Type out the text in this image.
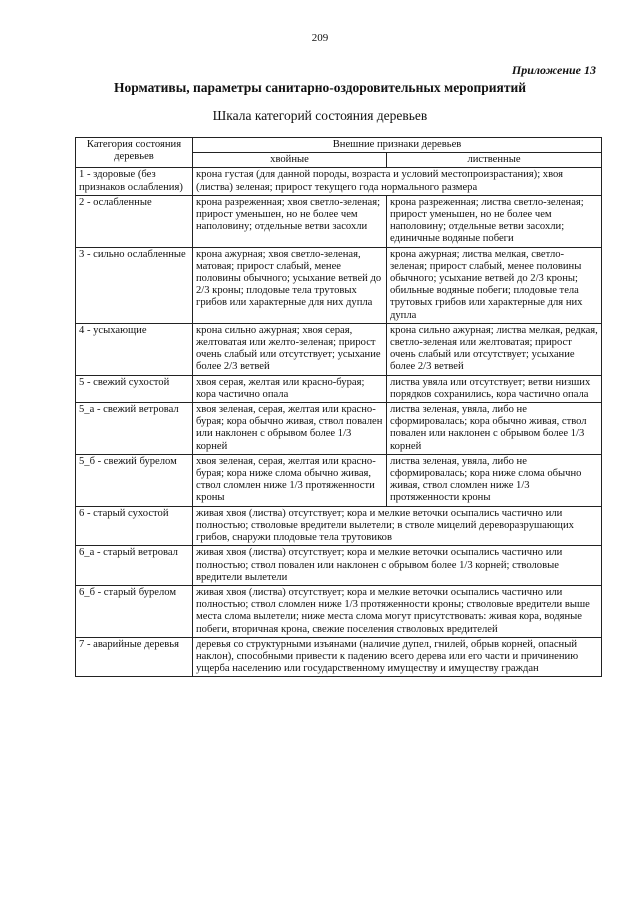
209
Приложение 13
Нормативы, параметры санитарно-оздоровительных мероприятий
Шкала категорий состояния деревьев
Категория состояния деревьев	Внешние признаки деревьев	
	хвойные	лиственные
1 - здоровые (без признаков ослабления)	крона густая (для данной породы, возраста и условий местопроизрастания); хвоя (листва) зеленая; прирост текущего года нормального размера	
2 - ослабленные	крона разреженная; хвоя светло-зеленая; прирост уменьшен, но не более чем наполовину; отдельные ветви засохли	крона разреженная; листва светло-зеленая; прирост уменьшен, но не более чем наполовину; отдельные ветви засохли; единичные водяные побеги
3 - сильно ослабленные	крона ажурная; хвоя светло-зеленая, матовая; прирост слабый, менее половины обычного; усыхание ветвей до 2/3 кроны; плодовые тела трутовых грибов или характерные для них дупла	крона ажурная; листва мелкая, светло-зеленая; прирост слабый, менее половины обычного; усыхание ветвей до 2/3 кроны; обильные водяные побеги; плодовые тела трутовых грибов или характерные для них дупла
4 - усыхающие	крона сильно ажурная; хвоя серая, желтоватая или желто-зеленая; прирост очень слабый или отсутствует; усыхание более 2/3 ветвей	крона сильно ажурная; листва мелкая, редкая, светло-зеленая или желтоватая; прирост очень слабый или отсутствует; усыхание более 2/3 ветвей
5 - свежий сухостой	хвоя серая, желтая или красно-бурая; кора частично опала	листва увяла или отсутствует; ветви низших порядков сохранились, кора частично опала
5_а - свежий ветровал	хвоя зеленая, серая, желтая или красно-бурая; кора обычно живая, ствол повален или наклонен с обрывом более 1/3 корней	листва зеленая, увяла, либо не сформировалась; кора обычно живая, ствол повален или наклонен с обрывом более 1/3 корней
5_б - свежий бурелом	хвоя зеленая, серая, желтая или красно-бурая; кора ниже слома обычно живая, ствол сломлен ниже 1/3 протяженности кроны	листва зеленая, увяла, либо не сформировалась; кора ниже слома обычно живая, ствол сломлен ниже 1/3 протяженности кроны
6 - старый сухостой	живая хвоя (листва) отсутствует; кора и мелкие веточки осыпались частично или полностью; стволовые вредители вылетели; в стволе мицелий дереворазрушающих грибов, снаружи плодовые тела трутовиков	
6_а - старый ветровал	живая хвоя (листва) отсутствует; кора и мелкие веточки осыпались частично или полностью; ствол повален или наклонен с обрывом более 1/3 корней; стволовые вредители вылетели	
6_б - старый бурелом	живая хвоя (листва) отсутствует; кора и мелкие веточки осыпались частично или полностью; ствол сломлен ниже 1/3 протяженности кроны; стволовые вредители выше места слома вылетели; ниже места слома могут присутствовать: живая кора, водяные побеги, вторичная крона, свежие поселения стволовых вредителей	
7 - аварийные деревья	деревья со структурными изъянами (наличие дупел, гнилей, обрыв корней, опасный наклон), способными привести к падению всего дерева или его части и причинению ущерба населению или государственному имуществу и имуществу граждан	
